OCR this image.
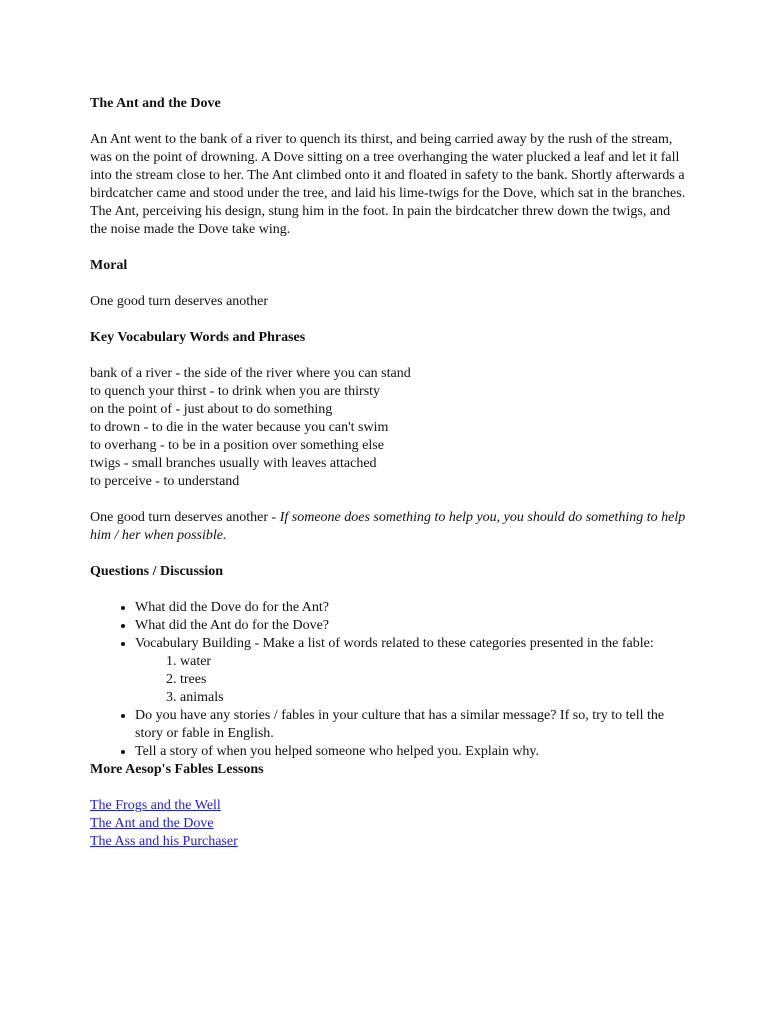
The Ant and the Dove

An Ant went to the bank of a river to quench its thirst, and being carried away by the rush of the stream, was on the point of drowning. A Dove sitting on a tree overhanging the water plucked a leaf and let it fall into the stream close to her. The Ant climbed onto it and floated in safety to the bank. Shortly afterwards a birdcatcher came and stood under the tree, and laid his lime-twigs for the Dove, which sat in the branches. The Ant, perceiving his design, stung him in the foot. In pain the birdcatcher threw down the twigs, and the noise made the Dove take wing.

Moral

One good turn deserves another

Key Vocabulary Words and Phrases

bank of a river - the side of the river where you can stand
to quench your thirst - to drink when you are thirsty
on the point of - just about to do something
to drown - to die in the water because you can't swim
to overhang - to be in a position over something else
twigs - small branches usually with leaves attached
to perceive - to understand

One good turn deserves another - If someone does something to help you, you should do something to help him / her when possible.

Questions / Discussion
• What did the Dove do for the Ant?
• What did the Ant do for the Dove?
• Vocabulary Building - Make a list of words related to these categories presented in the fable:
1. water
2. trees
3. animals
• Do you have any stories / fables in your culture that has a similar message? If so, try to tell the story or fable in English.
• Tell a story of when you helped someone who helped you. Explain why.
More Aesop's Fables Lessons
The Frogs and the Well
The Ant and the Dove
The Ass and his Purchaser
